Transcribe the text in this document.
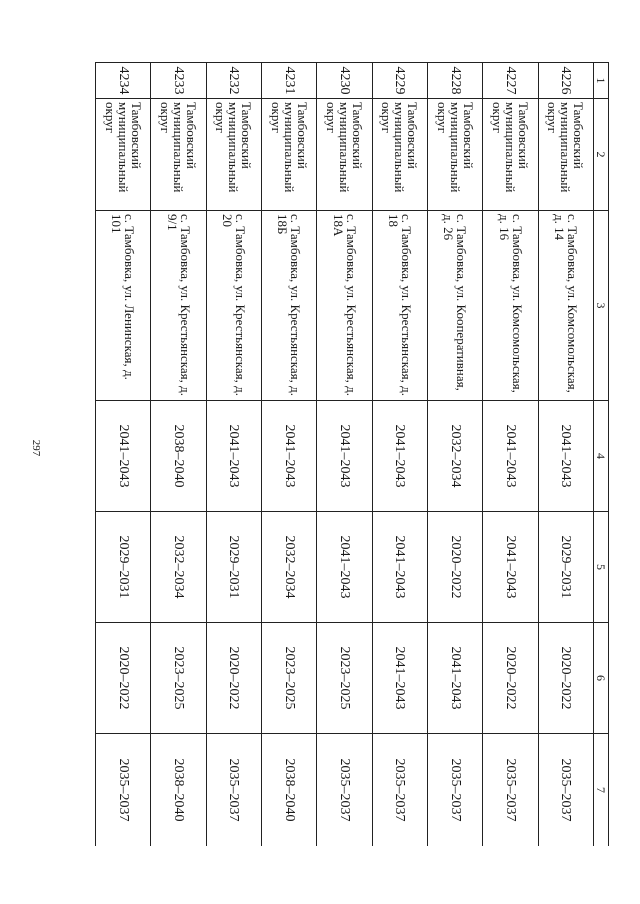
297
1	2	3	4	5	6	7
4226	Тамбовский муниципальный округ	с. Тамбовка, ул. Комсомольская, д. 14	2041–2043	2029–2031	2020–2022	2035–2037
4227	Тамбовский муниципальный округ	с. Тамбовка, ул. Комсомольская, д. 16	2041–2043	2041–2043	2020–2022	2035–2037
4228	Тамбовский муниципальный округ	с. Тамбовка, ул. Кооперативная, д. 26	2032–2034	2020–2022	2041–2043	2035–2037
4229	Тамбовский муниципальный округ	с. Тамбовка, ул. Крестьянская, д. 18	2041–2043	2041–2043	2041–2043	2035–2037
4230	Тамбовский муниципальный округ	с. Тамбовка, ул. Крестьянская, д. 18А	2041–2043	2041–2043	2023–2025	2035–2037
4231	Тамбовский муниципальный округ	с. Тамбовка, ул. Крестьянская, д. 18Б	2041–2043	2032–2034	2023–2025	2038–2040
4232	Тамбовский муниципальный округ	с. Тамбовка, ул. Крестьянская, д. 20	2041–2043	2029–2031	2020–2022	2035–2037
4233	Тамбовский муниципальный округ	с. Тамбовка, ул. Крестьянская, д. 9/1	2038–2040	2032–2034	2023–2025	2038–2040
4234	Тамбовский муниципальный округ	с. Тамбовка, ул. Ленинская, д. 101	2041–2043	2029–2031	2020–2022	2035–2037
